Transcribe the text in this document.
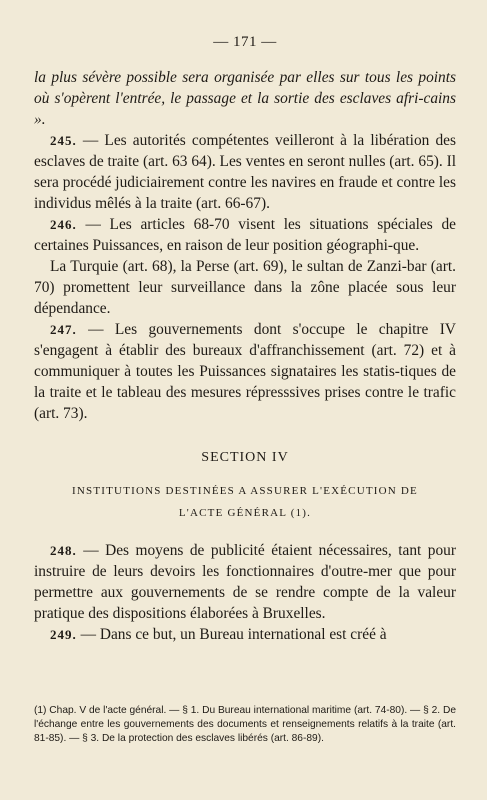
— 171 —

la plus sévère possible sera organisée par elles sur tous les points où s'opèrent l'entrée, le passage et la sortie des esclaves afri-cains ».

245. — Les autorités compétentes veilleront à la libération des esclaves de traite (art. 63 64). Les ventes en seront nulles (art. 65). Il sera procédé judiciairement contre les navires en fraude et contre les individus mêlés à la traite (art. 66-67).

246. — Les articles 68-70 visent les situations spéciales de certaines Puissances, en raison de leur position géographi-que.

La Turquie (art. 68), la Perse (art. 69), le sultan de Zanzi-bar (art. 70) promettent leur surveillance dans la zône placée sous leur dépendance.

247. — Les gouvernements dont s'occupe le chapitre IV s'engagent à établir des bureaux d'affranchissement (art. 72) et à communiquer à toutes les Puissances signataires les statis-tiques de la traite et le tableau des mesures répresssives prises contre le trafic (art. 73).

SECTION IV
INSTITUTIONS DESTINÉES A ASSURER L'EXÉCUTION DE
L'ACTE GÉNÉRAL (1).

248. — Des moyens de publicité étaient nécessaires, tant pour instruire de leurs devoirs les fonctionnaires d'outre-mer que pour permettre aux gouvernements de se rendre compte de la valeur pratique des dispositions élaborées à Bruxelles.

249. — Dans ce but, un Bureau international est créé à

(1) Chap. V de l'acte général. — § 1. Du Bureau international maritime (art. 74-80). — § 2. De l'échange entre les gouvernements des documents et renseignements relatifs à la traite (art. 81-85). — § 3. De la protection des esclaves libérés (art. 86-89).
